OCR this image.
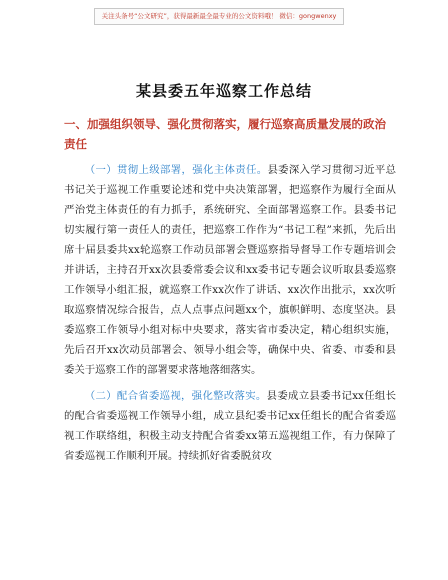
关注头条号“公文研究”，获得最新最全最专业的公文资料哦！ 微信：gongwenxy
某县委五年巡察工作总结
一、加强组织领导、强化贯彻落实，履行巡察高质量发展的政治责任

（一）贯彻上级部署，强化主体责任。县委深入学习贯彻习近平总书记关于巡视工作重要论述和党中央决策部署，把巡察作为履行全面从严治党主体责任的有力抓手，系统研究、全面部署巡察工作。县委书记切实履行第一责任人的责任，把巡察工作作为“书记工程”来抓，先后出席十届县委共xx轮巡察工作动员部署会暨巡察指导督导工作专题培训会并讲话，主持召开xx次县委常委会议和xx委书记专题会议听取县委巡察工作领导小组汇报，就巡察工作xx次作了讲话、xx次作出批示，xx次听取巡察情况综合报告，点人点事点问题xx个，旗帜鲜明、态度坚决。县委巡察工作领导小组对标中央要求，落实省市委决定，精心组织实施，先后召开xx次动员部署会、领导小组会等，确保中央、省委、市委和县委关于巡察工作的部署要求落地落细落实。

（二）配合省委巡视，强化整改落实。县委成立县委书记xx任组长的配合省委巡视工作领导小组，成立县纪委书记xx任组长的配合省委巡视工作联络组，积极主动支持配合省委xx第五巡视组工作，有力保障了省委巡视工作顺利开展。持续抓好省委脱贫攻
